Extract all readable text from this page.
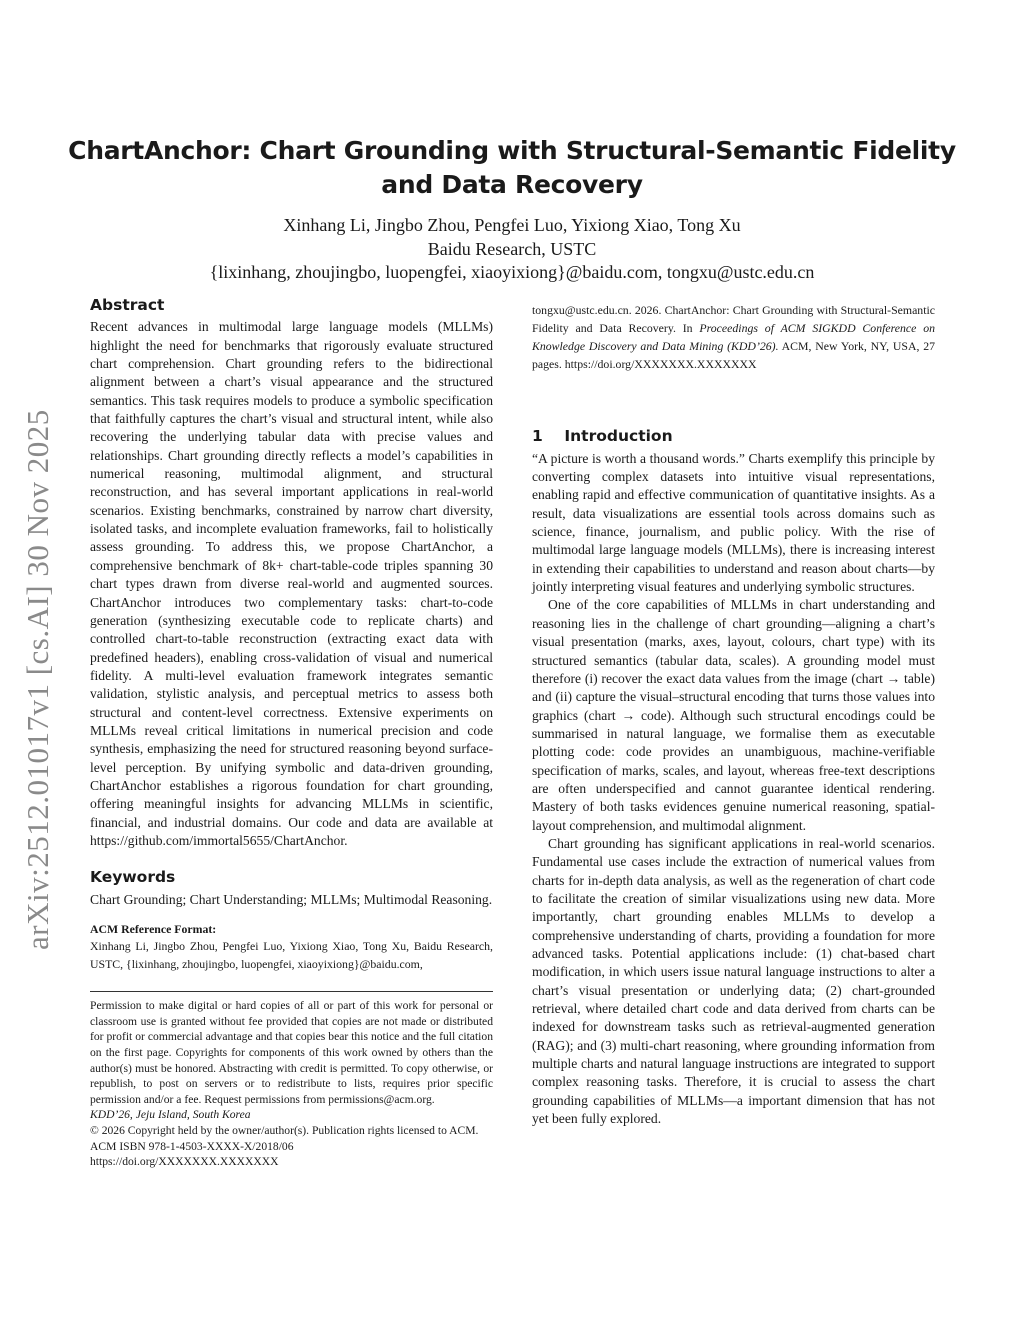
arXiv:2512.01017v1 [cs.AI] 30 Nov 2025
ChartAnchor: Chart Grounding with Structural-Semantic Fidelity and Data Recovery
Xinhang Li, Jingbo Zhou, Pengfei Luo, Yixiong Xiao, Tong Xu
Baidu Research, USTC
{lixinhang, zhoujingbo, luopengfei, xiaoyixiong}@baidu.com, tongxu@ustc.edu.cn
Abstract

Recent advances in multimodal large language models (MLLMs) highlight the need for benchmarks that rigorously evaluate structured chart comprehension. Chart grounding refers to the bidirectional alignment between a chart’s visual appearance and the structured semantics. This task requires models to produce a symbolic specification that faithfully captures the chart’s visual and structural intent, while also recovering the underlying tabular data with precise values and relationships. Chart grounding directly reflects a model’s capabilities in numerical reasoning, multimodal alignment, and structural reconstruction, and has several important applications in real-world scenarios. Existing benchmarks, constrained by narrow chart diversity, isolated tasks, and incomplete evaluation frameworks, fail to holistically assess grounding. To address this, we propose ChartAnchor, a comprehensive benchmark of 8k+ chart-table-code triples spanning 30 chart types drawn from diverse real-world and augmented sources. ChartAnchor introduces two complementary tasks: chart-to-code generation (synthesizing executable code to replicate charts) and controlled chart-to-table reconstruction (extracting exact data with predefined headers), enabling cross-validation of visual and numerical fidelity. A multi-level evaluation framework integrates semantic validation, stylistic analysis, and perceptual metrics to assess both structural and content-level correctness. Extensive experiments on MLLMs reveal critical limitations in numerical precision and code synthesis, emphasizing the need for structured reasoning beyond surface-level perception. By unifying symbolic and data-driven grounding, ChartAnchor establishes a rigorous foundation for chart grounding, offering meaningful insights for advancing MLLMs in scientific, financial, and industrial domains. Our code and data are available at https://github.com/immortal5655/ChartAnchor.

Keywords

Chart Grounding; Chart Understanding; MLLMs; Multimodal Reasoning.

ACM Reference Format:

Xinhang Li, Jingbo Zhou, Pengfei Luo, Yixiong Xiao, Tong Xu, Baidu Research, USTC, {lixinhang, zhoujingbo, luopengfei, xiaoyixiong}@baidu.com,

Permission to make digital or hard copies of all or part of this work for personal or classroom use is granted without fee provided that copies are not made or distributed for profit or commercial advantage and that copies bear this notice and the full citation on the first page. Copyrights for components of this work owned by others than the author(s) must be honored. Abstracting with credit is permitted. To copy otherwise, or republish, to post on servers or to redistribute to lists, requires prior specific permission and/or a fee. Request permissions from permissions@acm.org.

KDD’26, Jeju Island, South Korea

© 2026 Copyright held by the owner/author(s). Publication rights licensed to ACM.

ACM ISBN 978-1-4503-XXXX-X/2018/06

https://doi.org/XXXXXXX.XXXXXXX

tongxu@ustc.edu.cn. 2026. ChartAnchor: Chart Grounding with Structural-Semantic Fidelity and Data Recovery. In Proceedings of ACM SIGKDD Conference on Knowledge Discovery and Data Mining (KDD’26). ACM, New York, NY, USA, 27 pages. https://doi.org/XXXXXXX.XXXXXXX

1    Introduction

“A picture is worth a thousand words.” Charts exemplify this principle by converting complex datasets into intuitive visual representations, enabling rapid and effective communication of quantitative insights. As a result, data visualizations are essential tools across domains such as science, finance, journalism, and public policy. With the rise of multimodal large language models (MLLMs), there is increasing interest in extending their capabilities to understand and reason about charts—by jointly interpreting visual features and underlying symbolic structures.

One of the core capabilities of MLLMs in chart understanding and reasoning lies in the challenge of chart grounding—aligning a chart’s visual presentation (marks, axes, layout, colours, chart type) with its structured semantics (tabular data, scales). A grounding model must therefore (i) recover the exact data values from the image (chart → table) and (ii) capture the visual–structural encoding that turns those values into graphics (chart → code). Although such structural encodings could be summarised in natural language, we formalise them as executable plotting code: code provides an unambiguous, machine-verifiable specification of marks, scales, and layout, whereas free-text descriptions are often underspecified and cannot guarantee identical rendering. Mastery of both tasks evidences genuine numerical reasoning, spatial-layout comprehension, and multimodal alignment.

Chart grounding has significant applications in real-world scenarios. Fundamental use cases include the extraction of numerical values from charts for in-depth data analysis, as well as the regeneration of chart code to facilitate the creation of similar visualizations using new data. More importantly, chart grounding enables MLLMs to develop a comprehensive understanding of charts, providing a foundation for more advanced tasks. Potential applications include: (1) chat-based chart modification, in which users issue natural language instructions to alter a chart’s visual presentation or underlying data; (2) chart-grounded retrieval, where detailed chart code and data derived from charts can be indexed for downstream tasks such as retrieval-augmented generation (RAG); and (3) multi-chart reasoning, where grounding information from multiple charts and natural language instructions are integrated to support complex reasoning tasks. Therefore, it is crucial to assess the chart grounding capabilities of MLLMs—a important dimension that has not yet been fully explored.
